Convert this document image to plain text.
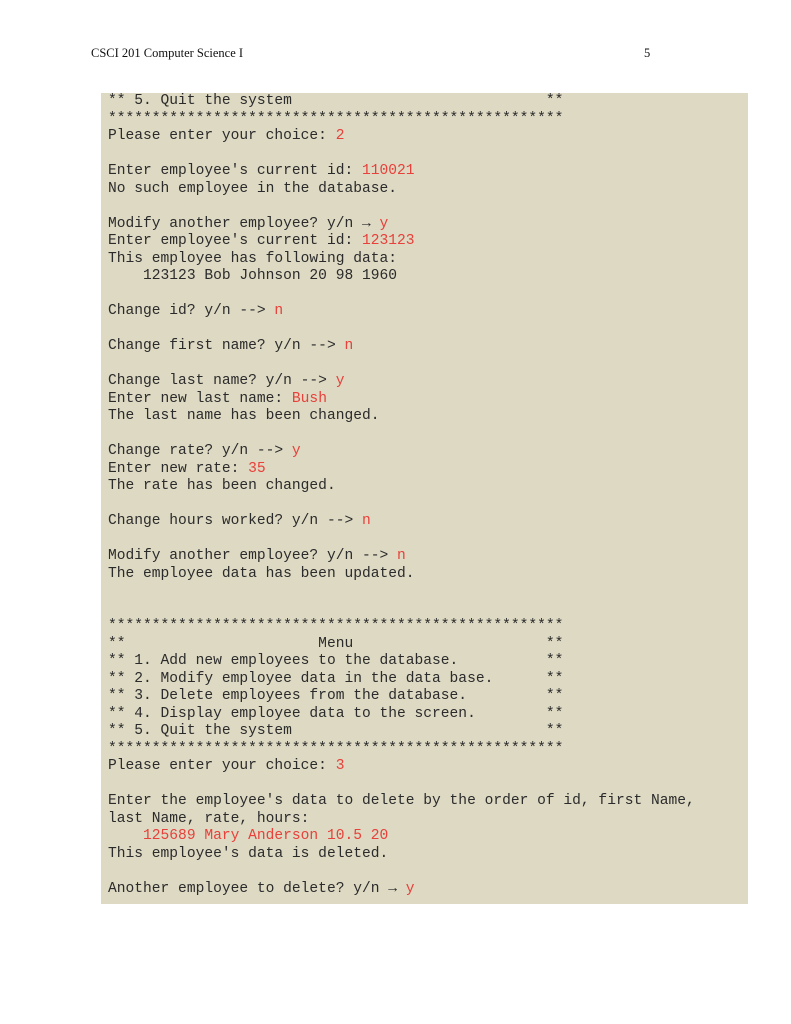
CSCI 201 Computer Science I	5
** 5. Quit the system                             **
****************************************************
Please enter your choice: 2
Enter employee's current id: 110021
No such employee in the database.
Modify another employee? y/n → y
Enter employee's current id: 123123
This employee has following data:
123123 Bob Johnson 20 98 1960
Change id? y/n --> n
Change first name? y/n --> n
Change last name? y/n --> y
Enter new last name: Bush
The last name has been changed.
Change rate? y/n --> y
Enter new rate: 35
The rate has been changed.
Change hours worked? y/n --> n
Modify another employee? y/n --> n
The employee data has been updated.
****************************************************
**                      Menu                      **
** 1. Add new employees to the database.          **
** 2. Modify employee data in the data base.      **
** 3. Delete employees from the database.         **
** 4. Display employee data to the screen.        **
** 5. Quit the system                             **
****************************************************
Please enter your choice: 3
Enter the employee's data to delete by the order of id, first Name,
last Name, rate, hours:
125689 Mary Anderson 10.5 20
This employee's data is deleted.
Another employee to delete? y/n → y
